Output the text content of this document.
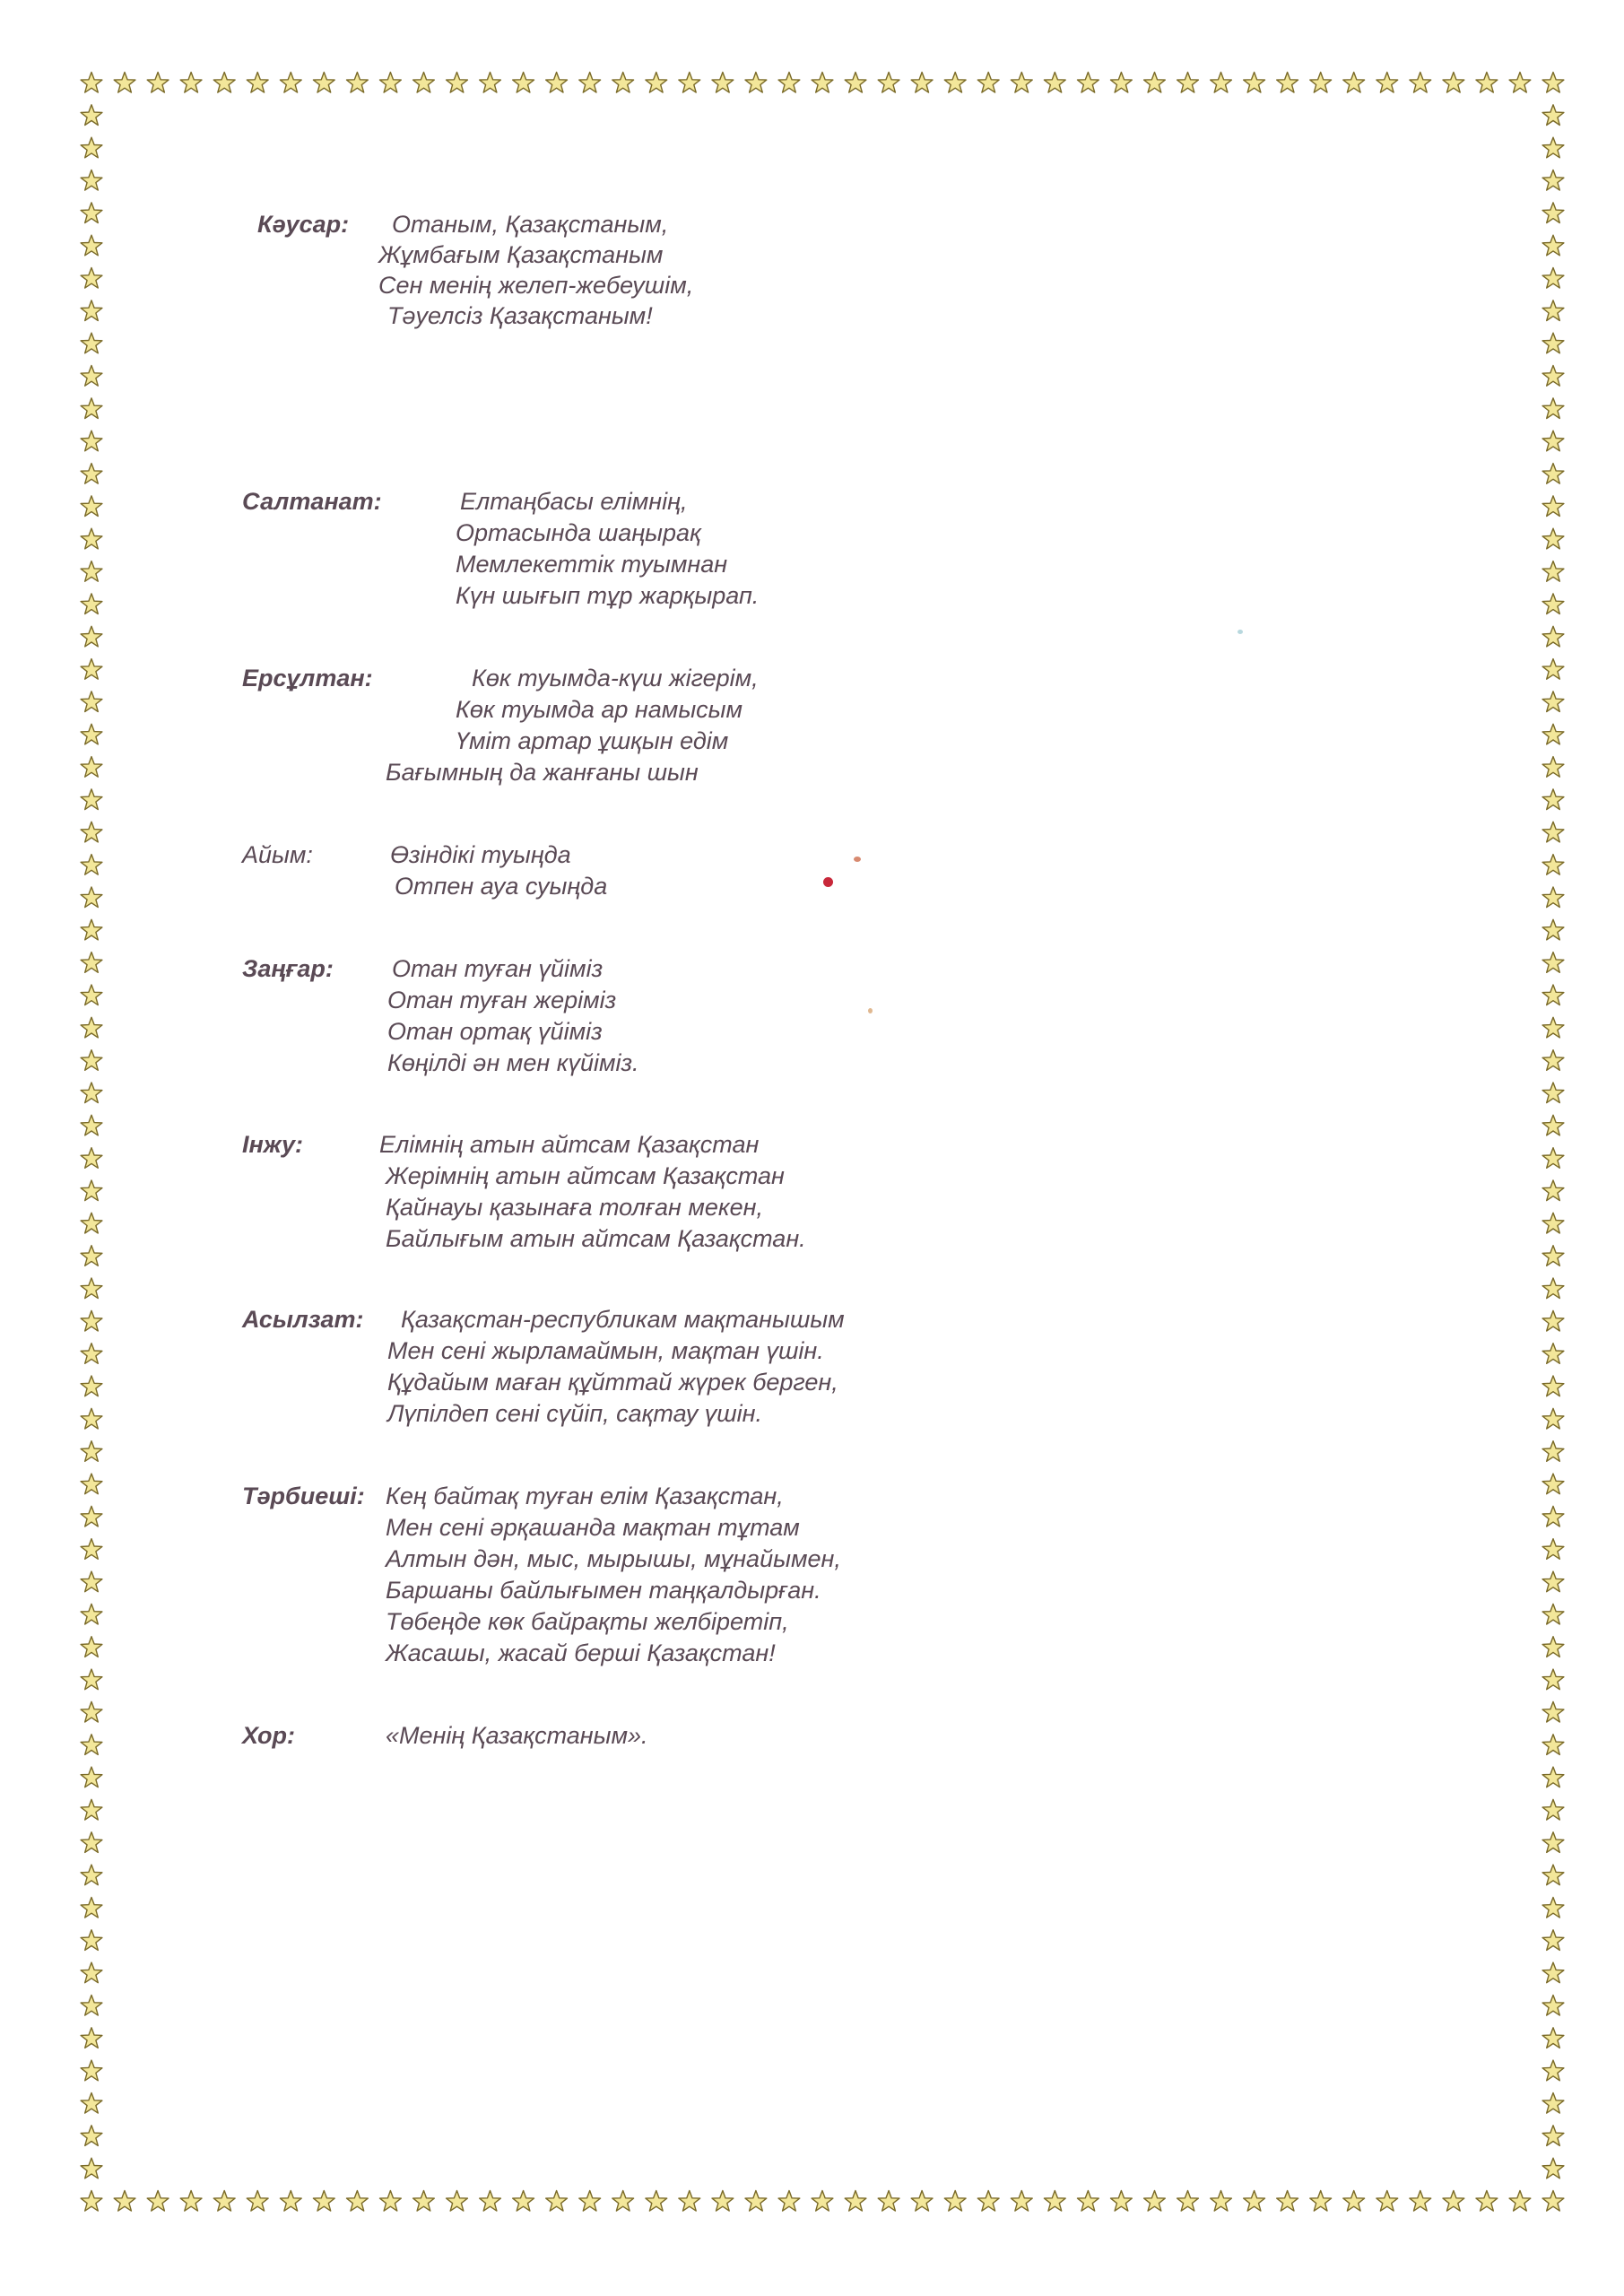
Кәусар: Отаным, Қазақстаным,
Жұмбағым Қазақстаным
Сен менің желеп-жебеушім,
Тәуелсіз Қазақстаным!
Салтанат:	Елтаңбасы елімнің,
Ортасында шаңырақ
Мемлекеттік туымнан
Күн шығып тұр жарқырап.
Ерсұлтан:	Көк туымда-күш жігерім,
Көк туымда ар намысым
Үміт артар ұшқын едім
Бағымның да жанғаны шын
Айым:	Өзіндікі туыңда
Отпен ауа суыңда
Заңғар: Отан туған үйіміз
Отан туған жеріміз
Отан ортақ үйіміз
Көңілді ән мен күйіміз.
Інжу:	Елімнің атын айтсам Қазақстан
Жерімнің атын айтсам Қазақстан
Қайнауы қазынаға толған мекен,
Байлығым атын айтсам Қазақстан.
Асылзат: Қазақстан-республикам мақтанышым
Мен сені жырламаймын, мақтан үшін.
Құдайым маған құйттай жүрек берген,
Лүпілдеп сені сүйіп, сақтау үшін.
Тәрбиеші: Кең байтақ туған елім Қазақстан,
Мен сені әрқашанда мақтан тұтам
Алтын дән, мыс, мырышы, мұнайымен,
Баршаны байлығымен таңқалдырған.
Төбеңде көк байрақты желбіретіп,
Жасашы, жасай берші Қазақстан!
Хор:	«Менің Қазақстаным».
